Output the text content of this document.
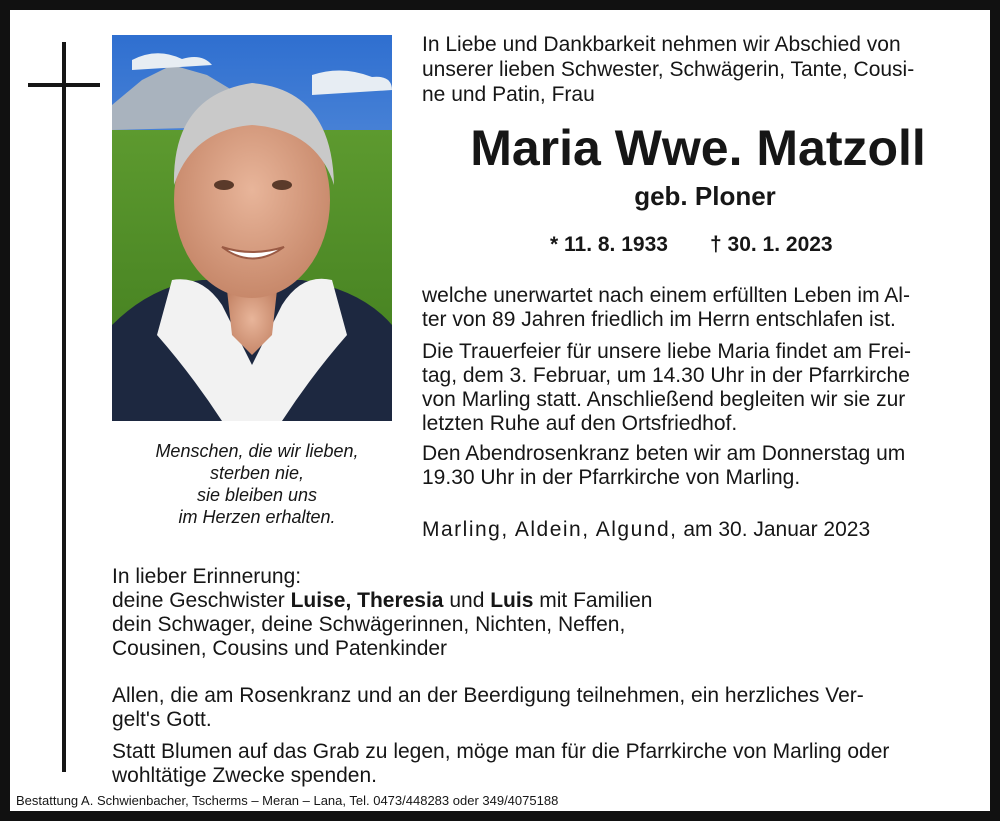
Menschen, die wir lieben,
sterben nie,
sie bleiben uns
im Herzen erhalten.
In Liebe und Dankbarkeit nehmen wir Abschied von
unserer lieben Schwester, Schwägerin, Tante, Cousi-
ne und Patin, Frau
Maria Wwe. Matzoll
geb. Ploner
* 11. 8. 1933 † 30. 1. 2023
welche unerwartet nach einem erfüllten Leben im Al-
ter von 89 Jahren friedlich im Herrn entschlafen ist.
Die Trauerfeier für unsere liebe Maria findet am Frei-
tag, dem 3. Februar, um 14.30 Uhr in der Pfarrkirche
von Marling statt. Anschließend begleiten wir sie zur
letzten Ruhe auf den Ortsfriedhof.
Den Abendrosenkranz beten wir am Donnerstag um
19.30 Uhr in der Pfarrkirche von Marling.
Marling, Aldein, Algund, am 30. Januar 2023
In lieber Erinnerung:
deine Geschwister Luise, Theresia und Luis mit Familien
dein Schwager, deine Schwägerinnen, Nichten, Neffen,
Cousinen, Cousins und Patenkinder
Allen, die am Rosenkranz und an der Beerdigung teilnehmen, ein herzliches Ver-
gelt's Gott.
Statt Blumen auf das Grab zu legen, möge man für die Pfarrkirche von Marling oder
wohltätige Zwecke spenden.
Bestattung A. Schwienbacher, Tscherms – Meran – Lana, Tel. 0473/448283 oder 349/4075188
